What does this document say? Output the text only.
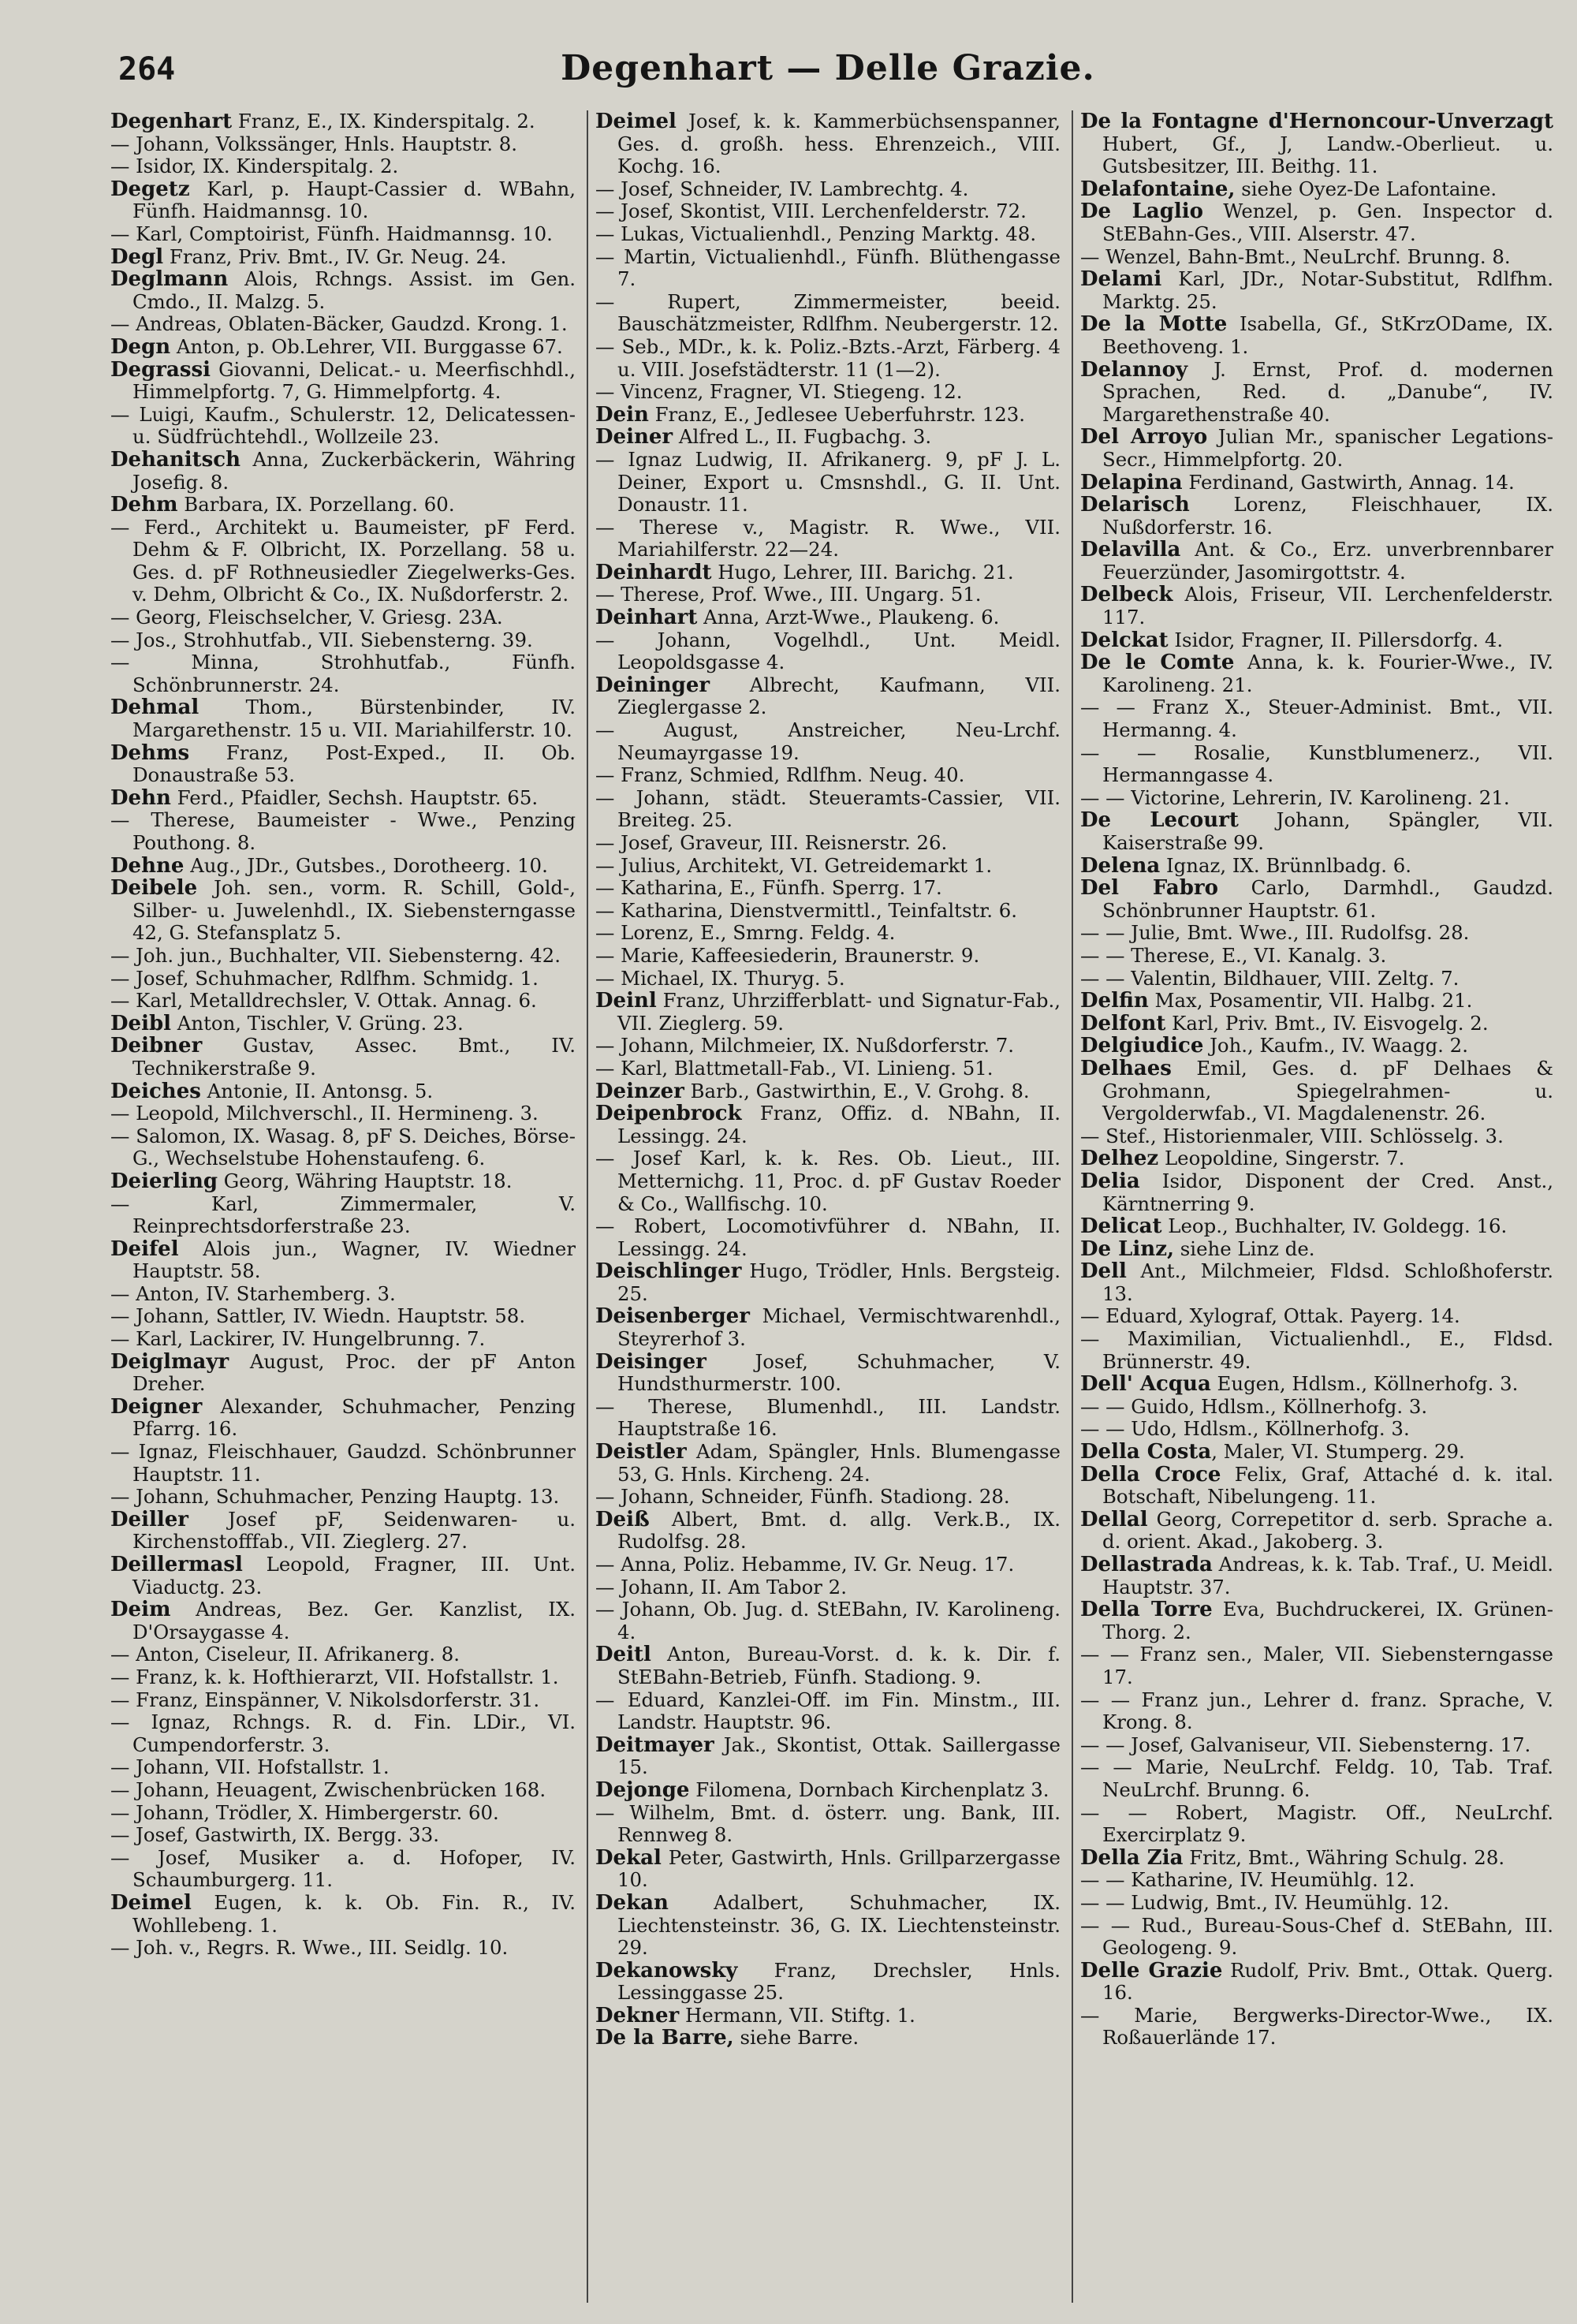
264	Degenhart — Delle Grazie.

Degenhart Franz, E., IX. Kinderspitalg. 2.

— Johann, Volkssänger, Hnls. Hauptstr. 8.

— Isidor, IX. Kinderspitalg. 2.

Degetz Karl, p. Haupt-Cassier d. WBahn, Fünfh. Haidmannsg. 10.

— Karl, Comptoirist, Fünfh. Haidmannsg. 10.

Degl Franz, Priv. Bmt., IV. Gr. Neug. 24.

Deglmann Alois, Rchngs. Assist. im Gen. Cmdo., II. Malzg. 5.

— Andreas, Oblaten-Bäcker, Gaudzd. Krong. 1.

Degn Anton, p. Ob.Lehrer, VII. Burggasse 67.

Degrassi Giovanni, Delicat.- u. Meerfischhdl., Himmelpfortg. 7, G. Himmelpfortg. 4.

— Luigi, Kaufm., Schulerstr. 12, Delicatessen- u. Südfrüchtehdl., Wollzeile 23.

Dehanitsch Anna, Zuckerbäckerin, Währing Josefig. 8.

Dehm Barbara, IX. Porzellang. 60.

— Ferd., Architekt u. Baumeister, pF Ferd. Dehm & F. Olbricht, IX. Porzellang. 58 u. Ges. d. pF Rothneusiedler Ziegelwerks-Ges. v. Dehm, Olbricht & Co., IX. Nußdorferstr. 2.

— Georg, Fleischselcher, V. Griesg. 23A.

— Jos., Strohhutfab., VII. Siebensterng. 39.

— Minna, Strohhutfab., Fünfh. Schönbrunnerstr. 24.

Dehmal Thom., Bürstenbinder, IV. Margarethenstr. 15 u. VII. Mariahilferstr. 10.

Dehms Franz, Post-Exped., II. Ob. Donaustraße 53.

Dehn Ferd., Pfaidler, Sechsh. Hauptstr. 65.

— Therese, Baumeister - Wwe., Penzing Pouthong. 8.

Dehne Aug., JDr., Gutsbes., Dorotheerg. 10.

Deibele Joh. sen., vorm. R. Schill, Gold-, Silber- u. Juwelenhdl., IX. Siebensterngasse 42, G. Stefansplatz 5.

— Joh. jun., Buchhalter, VII. Siebensterng. 42.

— Josef, Schuhmacher, Rdlfhm. Schmidg. 1.

— Karl, Metalldrechsler, V. Ottak. Annag. 6.

Deibl Anton, Tischler, V. Grüng. 23.

Deibner Gustav, Assec. Bmt., IV. Technikerstraße 9.

Deiches Antonie, II. Antonsg. 5.

— Leopold, Milchverschl., II. Hermineng. 3.

— Salomon, IX. Wasag. 8, pF S. Deiches, Börse-G., Wechselstube Hohenstaufeng. 6.

Deierling Georg, Währing Hauptstr. 18.

— Karl, Zimmermaler, V. Reinprechtsdorferstraße 23.

Deifel Alois jun., Wagner, IV. Wiedner Hauptstr. 58.

— Anton, IV. Starhemberg. 3.

— Johann, Sattler, IV. Wiedn. Hauptstr. 58.

— Karl, Lackirer, IV. Hungelbrunng. 7.

Deiglmayr August, Proc. der pF Anton Dreher.

Deigner Alexander, Schuhmacher, Penzing Pfarrg. 16.

— Ignaz, Fleischhauer, Gaudzd. Schönbrunner Hauptstr. 11.

— Johann, Schuhmacher, Penzing Hauptg. 13.

Deiller Josef pF, Seidenwaren- u. Kirchenstofffab., VII. Zieglerg. 27.

Deillermasl Leopold, Fragner, III. Unt. Viaductg. 23.

Deim Andreas, Bez. Ger. Kanzlist, IX. D'Orsaygasse 4.

— Anton, Ciseleur, II. Afrikanerg. 8.

— Franz, k. k. Hofthierarzt, VII. Hofstallstr. 1.

— Franz, Einspänner, V. Nikolsdorferstr. 31.

— Ignaz, Rchngs. R. d. Fin. LDir., VI. Cumpendorferstr. 3.

— Johann, VII. Hofstallstr. 1.

— Johann, Heuagent, Zwischenbrücken 168.

— Johann, Trödler, X. Himbergerstr. 60.

— Josef, Gastwirth, IX. Bergg. 33.

— Josef, Musiker a. d. Hofoper, IV. Schaumburgerg. 11.

Deimel Eugen, k. k. Ob. Fin. R., IV. Wohllebeng. 1.

— Joh. v., Regrs. R. Wwe., III. Seidlg. 10.

Deimel Josef, k. k. Kammerbüchsenspanner, Ges. d. großh. hess. Ehrenzeich., VIII. Kochg. 16.

— Josef, Schneider, IV. Lambrechtg. 4.

— Josef, Skontist, VIII. Lerchenfelderstr. 72.

— Lukas, Victualienhdl., Penzing Marktg. 48.

— Martin, Victualienhdl., Fünfh. Blüthengasse 7.

— Rupert, Zimmermeister, beeid. Bauschätzmeister, Rdlfhm. Neubergerstr. 12.

— Seb., MDr., k. k. Poliz.-Bzts.-Arzt, Färberg. 4 u. VIII. Josefstädterstr. 11 (1—2).

— Vincenz, Fragner, VI. Stiegeng. 12.

Dein Franz, E., Jedlesee Ueberfuhrstr. 123.

Deiner Alfred L., II. Fugbachg. 3.

— Ignaz Ludwig, II. Afrikanerg. 9, pF J. L. Deiner, Export u. Cmsnshdl., G. II. Unt. Donaustr. 11.

— Therese v., Magistr. R. Wwe., VII. Mariahilferstr. 22—24.

Deinhardt Hugo, Lehrer, III. Barichg. 21.

— Therese, Prof. Wwe., III. Ungarg. 51.

Deinhart Anna, Arzt-Wwe., Plaukeng. 6.

— Johann, Vogelhdl., Unt. Meidl. Leopoldsgasse 4.

Deininger Albrecht, Kaufmann, VII. Zieglergasse 2.

— August, Anstreicher, Neu-Lrchf. Neumayrgasse 19.

— Franz, Schmied, Rdlfhm. Neug. 40.

— Johann, städt. Steueramts-Cassier, VII. Breiteg. 25.

— Josef, Graveur, III. Reisnerstr. 26.

— Julius, Architekt, VI. Getreidemarkt 1.

— Katharina, E., Fünfh. Sperrg. 17.

— Katharina, Dienstvermittl., Teinfaltstr. 6.

— Lorenz, E., Smrng. Feldg. 4.

— Marie, Kaffeesiederin, Braunerstr. 9.

— Michael, IX. Thuryg. 5.

Deinl Franz, Uhrzifferblatt- und Signatur-Fab., VII. Zieglerg. 59.

— Johann, Milchmeier, IX. Nußdorferstr. 7.

— Karl, Blattmetall-Fab., VI. Linieng. 51.

Deinzer Barb., Gastwirthin, E., V. Grohg. 8.

Deipenbrock Franz, Offiz. d. NBahn, II. Lessingg. 24.

— Josef Karl, k. k. Res. Ob. Lieut., III. Metternichg. 11, Proc. d. pF Gustav Roeder & Co., Wallfischg. 10.

— Robert, Locomotivführer d. NBahn, II. Lessingg. 24.

Deischlinger Hugo, Trödler, Hnls. Bergsteig. 25.

Deisenberger Michael, Vermischtwarenhdl., Steyrerhof 3.

Deisinger Josef, Schuhmacher, V. Hundsthurmerstr. 100.

— Therese, Blumenhdl., III. Landstr. Hauptstraße 16.

Deistler Adam, Spängler, Hnls. Blumengasse 53, G. Hnls. Kircheng. 24.

— Johann, Schneider, Fünfh. Stadiong. 28.

Deiß Albert, Bmt. d. allg. Verk.B., IX. Rudolfsg. 28.

— Anna, Poliz. Hebamme, IV. Gr. Neug. 17.

— Johann, II. Am Tabor 2.

— Johann, Ob. Jug. d. StEBahn, IV. Karolineng. 4.

Deitl Anton, Bureau-Vorst. d. k. k. Dir. f. StEBahn-Betrieb, Fünfh. Stadiong. 9.

— Eduard, Kanzlei-Off. im Fin. Minstm., III. Landstr. Hauptstr. 96.

Deitmayer Jak., Skontist, Ottak. Saillergasse 15.

Dejonge Filomena, Dornbach Kirchenplatz 3.

— Wilhelm, Bmt. d. österr. ung. Bank, III. Rennweg 8.

Dekal Peter, Gastwirth, Hnls. Grillparzergasse 10.

Dekan Adalbert, Schuhmacher, IX. Liechtensteinstr. 36, G. IX. Liechtensteinstr. 29.

Dekanowsky Franz, Drechsler, Hnls. Lessinggasse 25.

Dekner Hermann, VII. Stiftg. 1.

De la Barre, siehe Barre.

De la Fontagne d'Hernoncour-Unverzagt Hubert, Gf., J, Landw.-Oberlieut. u. Gutsbesitzer, III. Beithg. 11.

Delafontaine, siehe Oyez-De Lafontaine.

De Laglio Wenzel, p. Gen. Inspector d. StEBahn-Ges., VIII. Alserstr. 47.

— Wenzel, Bahn-Bmt., NeuLrchf. Brunng. 8.

Delami Karl, JDr., Notar-Substitut, Rdlfhm. Marktg. 25.

De la Motte Isabella, Gf., StKrzODame, IX. Beethoveng. 1.

Delannoy J. Ernst, Prof. d. modernen Sprachen, Red. d. „Danube“, IV. Margarethenstraße 40.

Del Arroyo Julian Mr., spanischer Legations-Secr., Himmelpfortg. 20.

Delapina Ferdinand, Gastwirth, Annag. 14.

Delarisch Lorenz, Fleischhauer, IX. Nußdorferstr. 16.

Delavilla Ant. & Co., Erz. unverbrennbarer Feuerzünder, Jasomirgottstr. 4.

Delbeck Alois, Friseur, VII. Lerchenfelderstr. 117.

Delckat Isidor, Fragner, II. Pillersdorfg. 4.

De le Comte Anna, k. k. Fourier-Wwe., IV. Karolineng. 21.

— — Franz X., Steuer-Administ. Bmt., VII. Hermanng. 4.

— — Rosalie, Kunstblumenerz., VII. Hermanngasse 4.

— — Victorine, Lehrerin, IV. Karolineng. 21.

De Lecourt Johann, Spängler, VII. Kaiserstraße 99.

Delena Ignaz, IX. Brünnlbadg. 6.

Del Fabro Carlo, Darmhdl., Gaudzd. Schönbrunner Hauptstr. 61.

— — Julie, Bmt. Wwe., III. Rudolfsg. 28.

— — Therese, E., VI. Kanalg. 3.

— — Valentin, Bildhauer, VIII. Zeltg. 7.

Delfin Max, Posamentir, VII. Halbg. 21.

Delfont Karl, Priv. Bmt., IV. Eisvogelg. 2.

Delgiudice Joh., Kaufm., IV. Waagg. 2.

Delhaes Emil, Ges. d. pF Delhaes & Grohmann, Spiegelrahmen- u. Vergolderwfab., VI. Magdalenenstr. 26.

— Stef., Historienmaler, VIII. Schlösselg. 3.

Delhez Leopoldine, Singerstr. 7.

Delia Isidor, Disponent der Cred. Anst., Kärntnerring 9.

Delicat Leop., Buchhalter, IV. Goldegg. 16.

De Linz, siehe Linz de.

Dell Ant., Milchmeier, Fldsd. Schloßhoferstr. 13.

— Eduard, Xylograf, Ottak. Payerg. 14.

— Maximilian, Victualienhdl., E., Fldsd. Brünnerstr. 49.

Dell' Acqua Eugen, Hdlsm., Köllnerhofg. 3.

— — Guido, Hdlsm., Köllnerhofg. 3.

— — Udo, Hdlsm., Köllnerhofg. 3.

Della Costa, Maler, VI. Stumperg. 29.

Della Croce Felix, Graf, Attaché d. k. ital. Botschaft, Nibelungeng. 11.

Dellal Georg, Correpetitor d. serb. Sprache a. d. orient. Akad., Jakoberg. 3.

Dellastrada Andreas, k. k. Tab. Traf., U. Meidl. Hauptstr. 37.

Della Torre Eva, Buchdruckerei, IX. Grünen-Thorg. 2.

— — Franz sen., Maler, VII. Siebensterngasse 17.

— — Franz jun., Lehrer d. franz. Sprache, V. Krong. 8.

— — Josef, Galvaniseur, VII. Siebensterng. 17.

— — Marie, NeuLrchf. Feldg. 10, Tab. Traf. NeuLrchf. Brunng. 6.

— — Robert, Magistr. Off., NeuLrchf. Exercirplatz 9.

Della Zia Fritz, Bmt., Währing Schulg. 28.

— — Katharine, IV. Heumühlg. 12.

— — Ludwig, Bmt., IV. Heumühlg. 12.

— — Rud., Bureau-Sous-Chef d. StEBahn, III. Geologeng. 9.

Delle Grazie Rudolf, Priv. Bmt., Ottak. Querg. 16.

— Marie, Bergwerks-Director-Wwe., IX. Roßauerlände 17.
